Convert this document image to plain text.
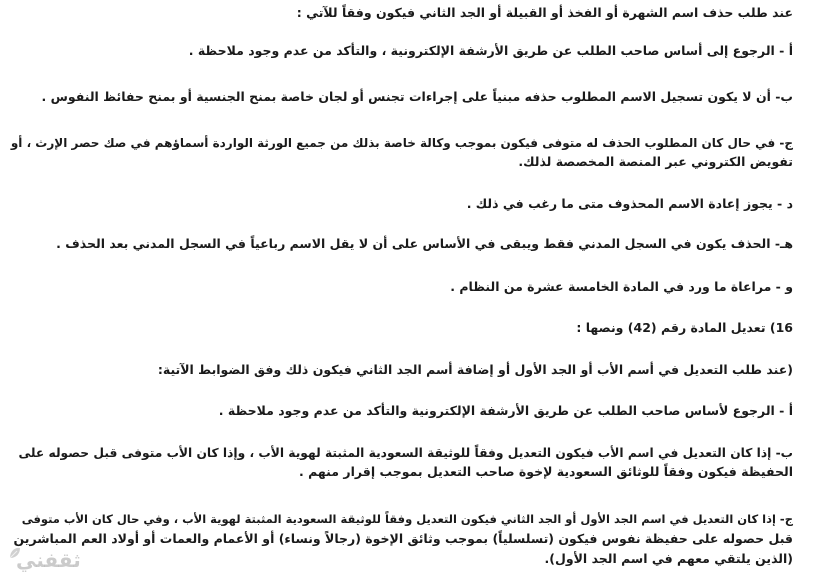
عند طلب حذف اسم الشهرة أو الفخذ أو القبيلة أو الجد الثاني فيكون وفقاً للآتي :
أ - الرجوع إلى أساس صاحب الطلب عن طريق الأرشفة الإلكترونية ، والتأكد من عدم وجود ملاحظة .
ب- أن لا يكون تسجيل الاسم المطلوب حذفه مبنياً على إجراءات تجنس أو لجان خاصة بمنح الجنسية أو بمنح حفائظ النفوس .
ج- في حال كان المطلوب الحذف له متوفى فيكون بموجب وكالة خاصة بذلك من جميع الورثة الواردة أسماؤهم في صك حصر الإرث ، أو
تفويض الكتروني عبر المنصة المخصصة لذلك.
د - يجوز إعادة الاسم المحذوف متى ما رغب في ذلك .
هـ- الحذف يكون في السجل المدني فقط ويبقى في الأساس على أن لا يقل الاسم رباعياً في السجل المدني بعد الحذف .
و - مراعاة ما ورد في المادة الخامسة عشرة من النظام .
16) تعديل المادة رقم (42) ونصها :
(عند طلب التعديل في أسم الأب أو الجد الأول أو إضافة أسم الجد الثاني فيكون ذلك وفق الضوابط الآتية:
أ - الرجوع لأساس صاحب الطلب عن طريق الأرشفة الإلكترونية والتأكد من عدم وجود ملاحظة .
ب- إذا كان التعديل في اسم الأب فيكون التعديل وفقاً للوثيقة السعودية المثبتة لهوية الأب ، وإذا كان الأب متوفى قبل حصوله على
الحفيظة فيكون وفقاً للوثائق السعودية لإخوة صاحب التعديل بموجب إقرار منهم .
ج- إذا كان التعديل في اسم الجد الأول أو الجد الثاني فيكون التعديل وفقاً للوثيقة السعودية المثبتة لهوية الأب ، وفي حال كان الأب متوفى
قبل حصوله على حفيظة نفوس فيكون (تسلسلياً) بموجب وثائق الإخوة (رجالاً ونساء) أو الأعمام والعمات أو أولاد العم المباشرين
(الذين يلتقي معهم في اسم الجد الأول).
ثقفني
